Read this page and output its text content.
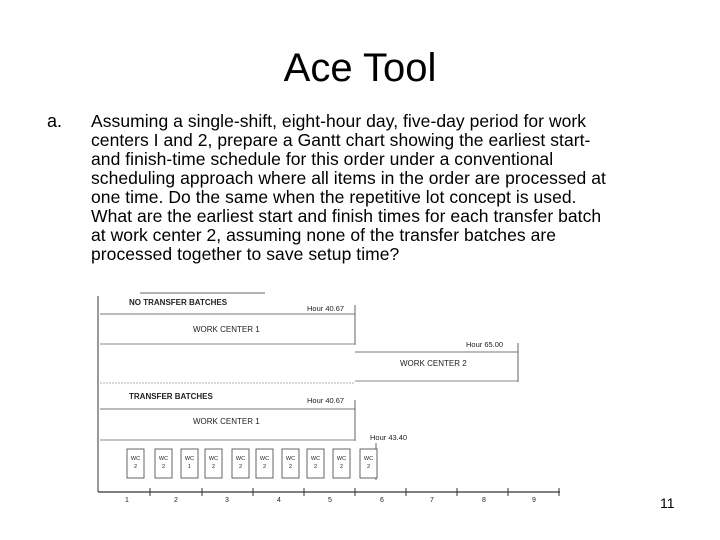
Ace Tool
a. Assuming a single-shift, eight-hour day, five-day period for work
centers I and 2, prepare a Gantt chart showing the earliest start-
and finish-time schedule for this order under a conventional
scheduling approach where all items in the order are processed at
one time. Do the same when the repetitive lot concept is used.
What are the earliest start and finish times for each transfer batch
at work center 2, assuming none of the transfer batches are
processed together to save setup time?
NO TRANSFER BATCHES
Hour 40.67
WORK CENTER 1
Hour 65.00
WORK CENTER 2
TRANSFER BATCHES	Hour 40.67
WORK CENTER 1
Hour 43.40
WC
2
WC
2
WC
1
WC
2
WC
2
WC
2
WC
2
WC
2
WC
2
WC
2
1	2	3	4	5	6	7	8	9	11
